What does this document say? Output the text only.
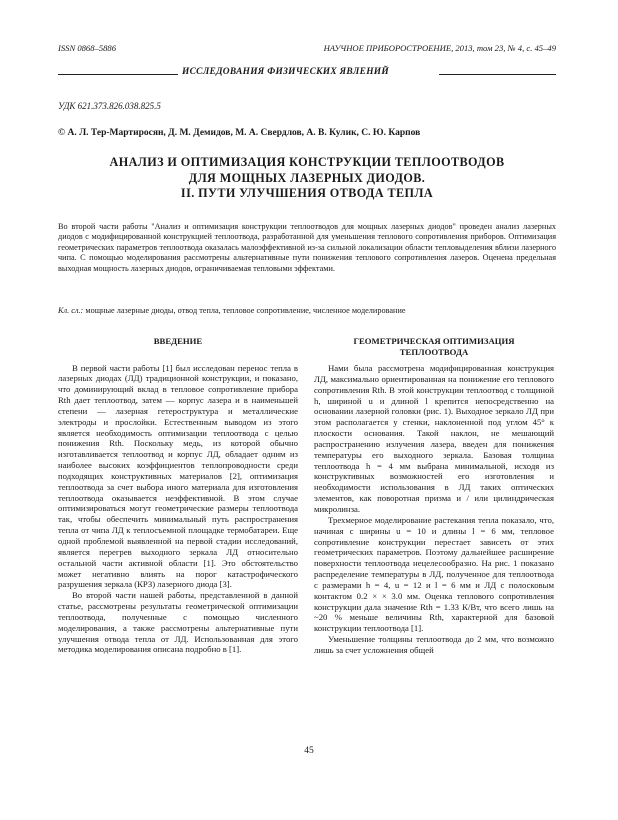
ISSN 0868–5886	НАУЧНОЕ ПРИБОРОСТРОЕНИЕ, 2013, том 23, № 4, с. 45–49
ИССЛЕДОВАНИЯ ФИЗИЧЕСКИХ ЯВЛЕНИЙ
УДК 621.373.826.038.825.5
© А. Л. Тер-Мартиросян, Д. М. Демидов, М. А. Свердлов, А. В. Кулик, С. Ю. Карпов
АНАЛИЗ И ОПТИМИЗАЦИЯ КОНСТРУКЦИИ ТЕПЛООТВОДОВ
ДЛЯ МОЩНЫХ ЛАЗЕРНЫХ ДИОДОВ.
II. ПУТИ УЛУЧШЕНИЯ ОТВОДА ТЕПЛА
Во второй части работы "Анализ и оптимизация конструкции теплоотводов для мощных лазерных диодов" проведен анализ лазерных диодов с модифицированной конструкцией теплоотвода, разработанной для уменьшения теплового сопротивления приборов. Оптимизация геометрических параметров теплоотвода оказалась малоэффективной из-за сильной локализации области тепловыделения вблизи лазерного чипа. С помощью моделирования рассмотрены альтернативные пути понижения теплового сопротивления лазеров. Оценена предельная выходная мощность лазерных диодов, ограничиваемая тепловыми эффектами.
Кл. сл.: мощные лазерные диоды, отвод тепла, тепловое сопротивление, численное моделирование
ВВЕДЕНИЕ

В первой части работы [1] был исследован перенос тепла в лазерных диодах (ЛД) традиционной конструкции, и показано, что доминирующий вклад в тепловое сопротивление прибора Rth дает теплоотвод, затем — корпус лазера и в наименьшей степени — лазерная гетероструктура и металлические электроды и прослойки. Естественным выводом из этого является необходимость оптимизации теплоотвода с целью понижения Rth. Поскольку медь, из которой обычно изготавливается теплоотвод и корпус ЛД, обладает одним из наиболее высоких коэффициентов теплопроводности среди подходящих конструктивных материалов [2], оптимизация теплоотвода за счет выбора иного материала для изготовления теплоотвода оказывается неэффективной. В этом случае оптимизироваться могут геометрические размеры теплоотвода так, чтобы обеспечить минимальный путь распространения тепла от чипа ЛД к теплосъемной площадке термобатареи. Еще одной проблемой выявленной на первой стадии исследований, является перегрев выходного зеркала ЛД относительно остальной части активной области [1]. Это обстоятельство может негативно влиять на порог катастрофического разрушения зеркала (КРЗ) лазерного диода [3].

Во второй части нашей работы, представленной в данной статье, рассмотрены результаты геометрической оптимизации теплоотвода, полученные с помощью численного моделирования, а также рассмотрены альтернативные пути улучшения отвода тепла от ЛД. Использованная для этого методика моделирования описана подробно в [1].

ГЕОМЕТРИЧЕСКАЯ ОПТИМИЗАЦИЯ
ТЕПЛООТВОДА

Нами была рассмотрена модифицированная конструкция ЛД, максимально ориентированная на понижение его теплового сопротивления Rth. В этой конструкции теплоотвод с толщиной h, шириной u и длиной l крепится непосредственно на основании лазерной головки (рис. 1). Выходное зеркало ЛД при этом располагается у стенки, наклоненной под углом 45° к плоскости основания. Такой наклон, не мешающий распространению излучения лазера, введен для понижения температуры его выходного зеркала. Базовая толщина теплоотвода h = 4 мм выбрана минимальной, исходя из конструктивных возможностей его изготовления и необходимости использования в ЛД таких оптических элементов, как поворотная призма и / или цилиндрическая микролинза.

Трехмерное моделирование растекания тепла показало, что, начиная с ширины u = 10 и длины l = 6 мм, тепловое сопротивление конструкции перестает зависеть от этих геометрических параметров. Поэтому дальнейшее расширение поверхности теплоотвода нецелесообразно. На рис. 1 показано распределение температуры в ЛД, полученное для теплоотвода с размерами h = 4, u = 12 и l = 6 мм и ЛД с полосковым контактом 0.2 × × 3.0 мм. Оценка теплового сопротивления конструкции дала значение Rth = 1.33 К/Вт, что всего лишь на ~20 % меньше величины Rth, характерной для базовой конструкции теплоотвода [1].

Уменьшение толщины теплоотвода до 2 мм, что возможно лишь за счет усложнения общей

45
